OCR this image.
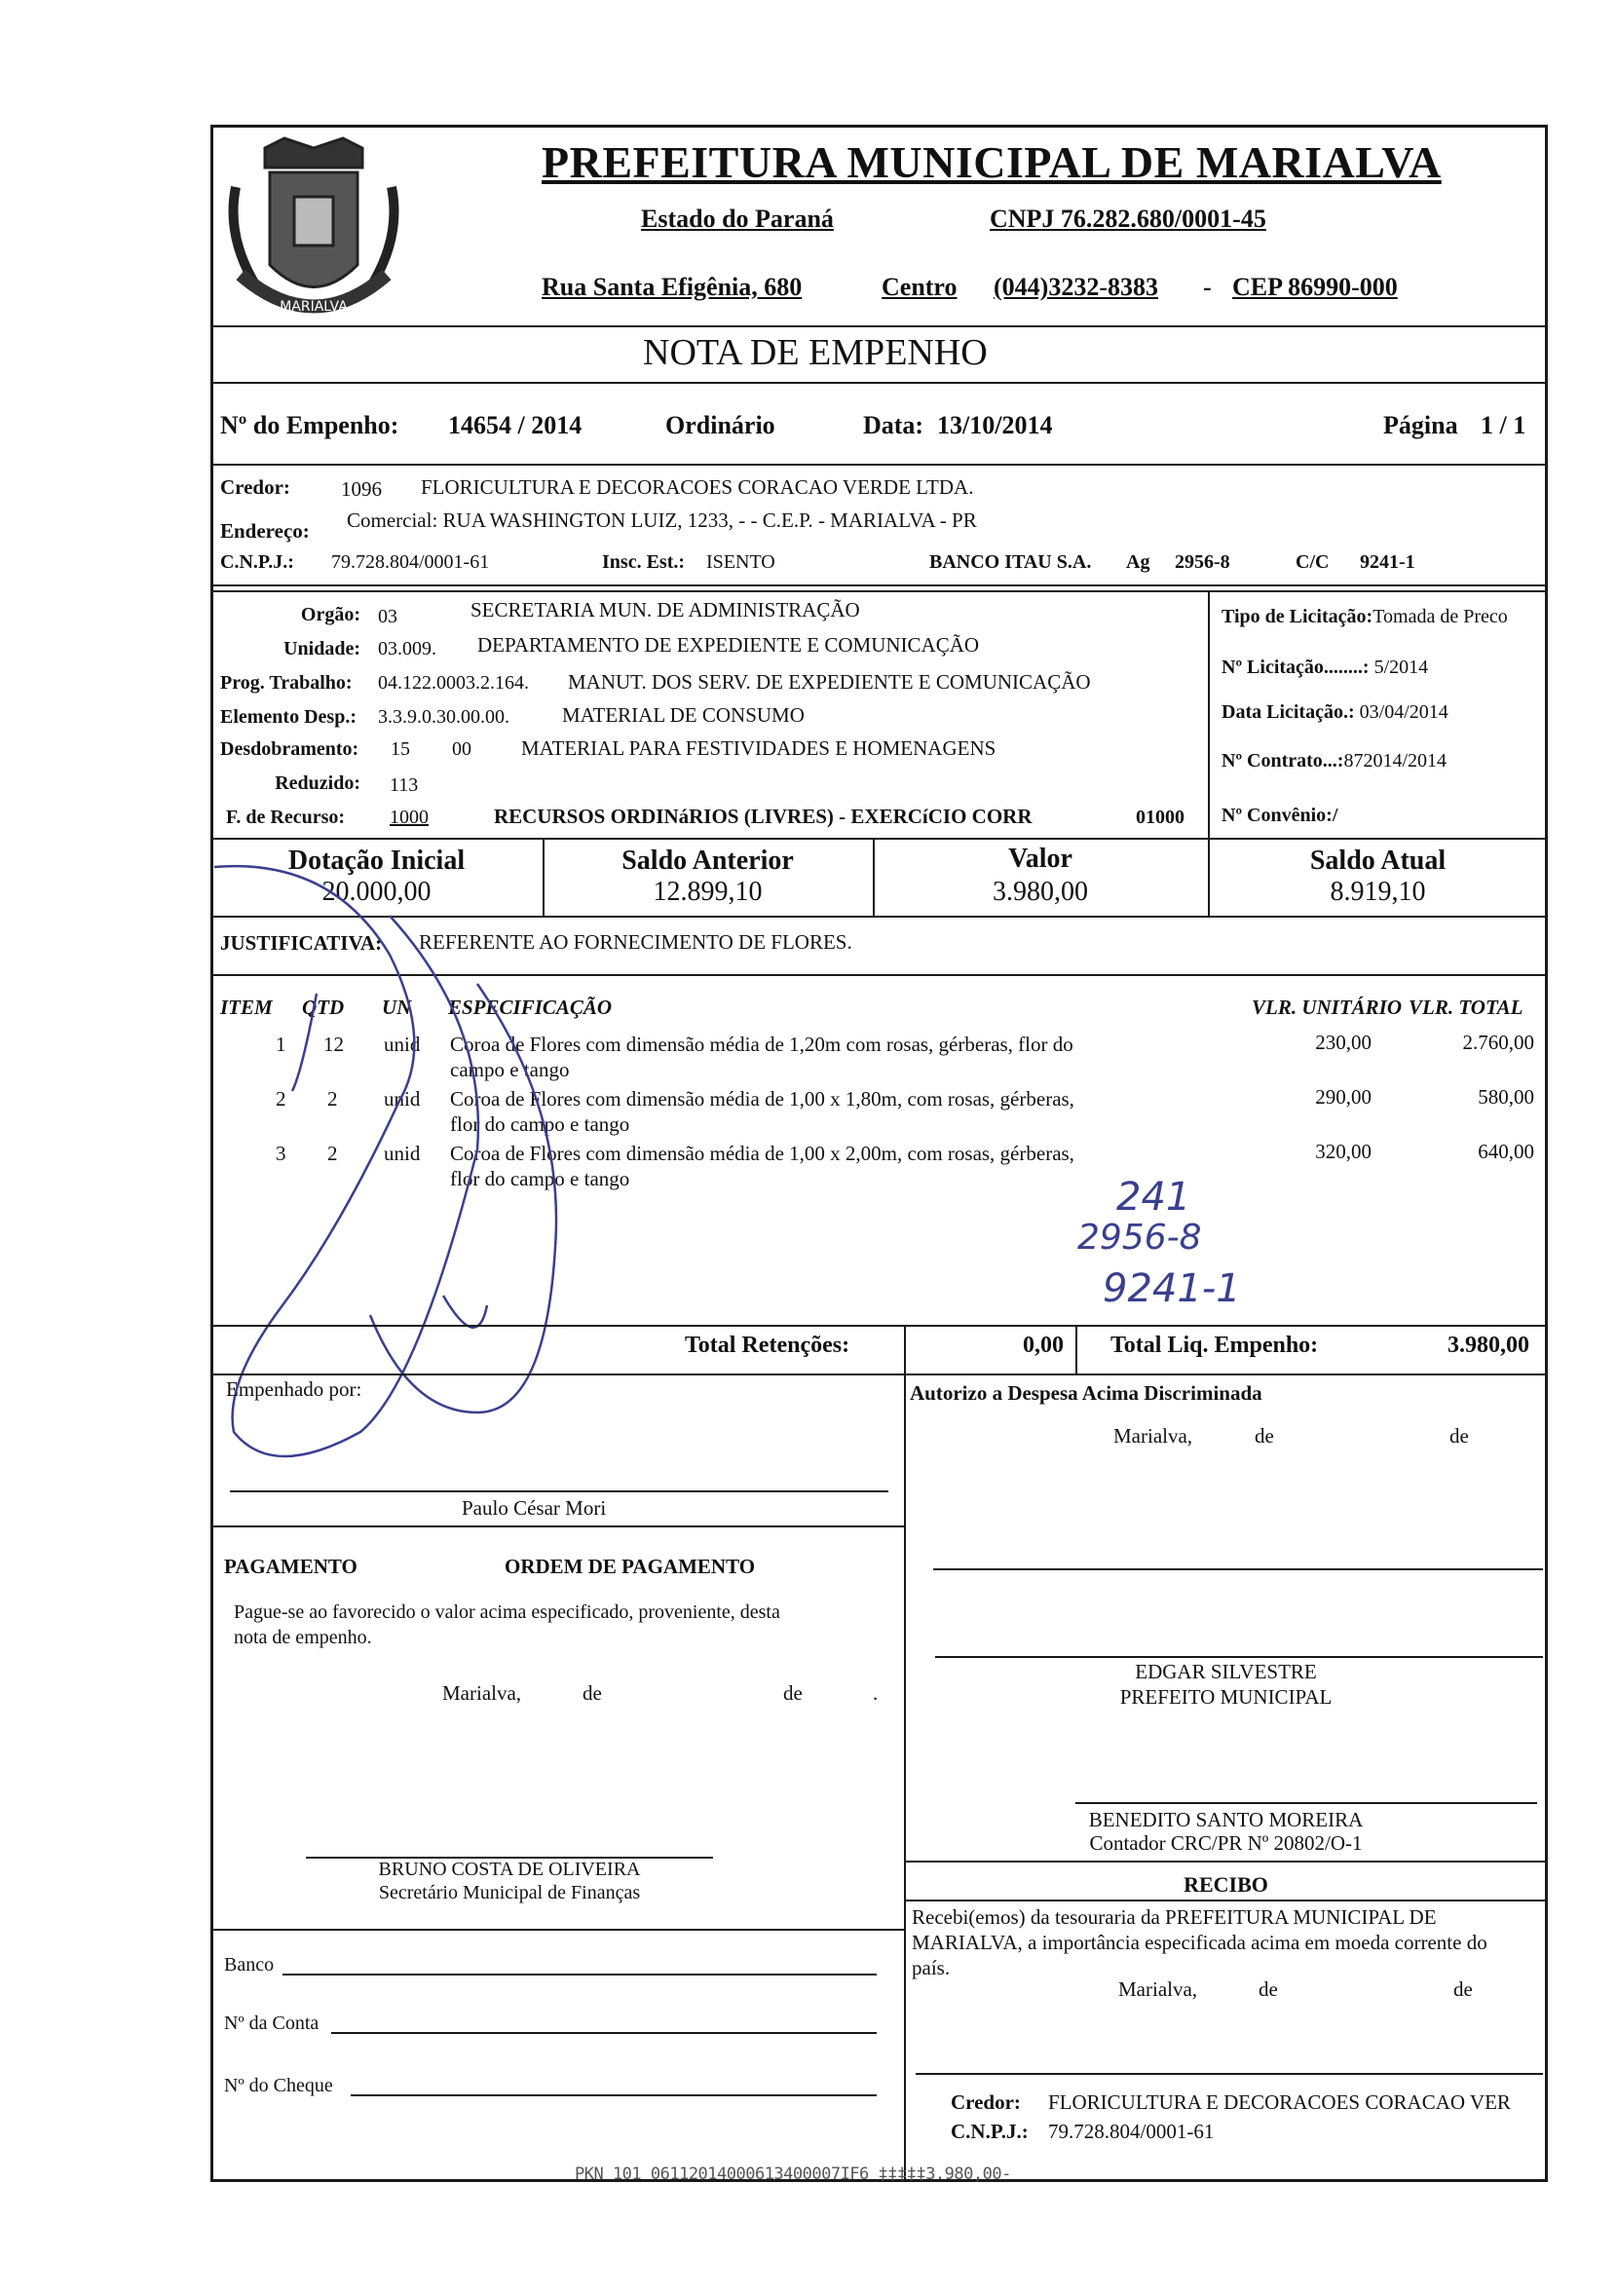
MARIALVA
PREFEITURA MUNICIPAL DE MARIALVA
Estado do Paraná	CNPJ 76.282.680/0001-45
Rua Santa Efigênia, 680	Centro (044)3232-8383 - CEP 86990-000
NOTA DE EMPENHO
Nº do Empenho: 14654 / 2014	Ordinário	Data: 13/10/2014	Página 1 / 1
Credor: 1096 FLORICULTURA E DECORACOES CORACAO VERDE LTDA.
Endereço: Comercial: RUA WASHINGTON LUIZ, 1233, - - C.E.P. - MARIALVA - PR
C.N.P.J.: 79.728.804/0001-61	Insc. Est.: ISENTO	BANCO ITAU S.A. Ag 2956-8	C/C 9241-1
Orgão: 03	SECRETARIA MUN. DE ADMINISTRAÇÃO
Unidade: 03.009. DEPARTAMENTO DE EXPEDIENTE E COMUNICAÇÃO
Prog. Trabalho: 04.122.0003.2.164. MANUT. DOS SERV. DE EXPEDIENTE E COMUNICAÇÃO
Elemento Desp.: 3.3.9.0.30.00.00.	MATERIAL DE CONSUMO
Desdobramento: 15 00 MATERIAL PARA FESTIVIDADES E HOMENAGENS
Reduzido: 113
F. de Recurso: 1000	RECURSOS ORDINáRIOS (LIVRES) - EXERCíCIO CORR	01000
Tipo de Licitação:Tomada de Preco
Nº Licitação........: 5/2014
Data Licitação.: 03/04/2014
Nº Contrato...:872014/2014
Nº Convênio:/
Dotação Inicial
20.000,00
Saldo Anterior
12.899,10
Valor
3.980,00
Saldo Atual
8.919,10
JUSTIFICATIVA: REFERENTE AO FORNECIMENTO DE FLORES.
ITEM QTD UN ESPECIFICAÇÃO	VLR. UNITÁRIO VLR. TOTAL
1 12 unid Coroa de Flores com dimensão média de 1,20m com rosas, gérberas, flor do
campo e tango
230,00	2.760,00
2 2 unid Coroa de Flores com dimensão média de 1,00 x 1,80m, com rosas, gérberas,
flor do campo e tango
290,00	580,00
3 2 unid Coroa de Flores com dimensão média de 1,00 x 2,00m, com rosas, gérberas,
flor do campo e tango
320,00	640,00
241
2956-8
9241-1
Total Retenções:	0,00 Total Liq. Empenho:	3.980,00
Empenhado por:
Paulo César Mori
Autorizo a Despesa Acima Discriminada
Marialva,	de	de
PAGAMENTO	ORDEM DE PAGAMENTO
Pague-se ao favorecido o valor acima especificado, proveniente, desta
nota de empenho.
Marialva,	de	de	.
EDGAR SILVESTRE
PREFEITO MUNICIPAL
BENEDITO SANTO MOREIRA
Contador CRC/PR Nº 20802/O-1
BRUNO COSTA DE OLIVEIRA
Secretário Municipal de Finanças	RECIBO
Recebi(emos) da tesouraria da PREFEITURA MUNICIPAL DE
MARIALVA, a importância especificada acima em moeda corrente do
país.
Marialva,	de	de
Banco
Nº da Conta
Nº do Cheque
Credor: FLORICULTURA E DECORACOES CORACAO VER
C.N.P.J.: 79.728.804/0001-61
PKN 101 06112014000613400007IF6 ‡‡‡‡‡3.980,00-
